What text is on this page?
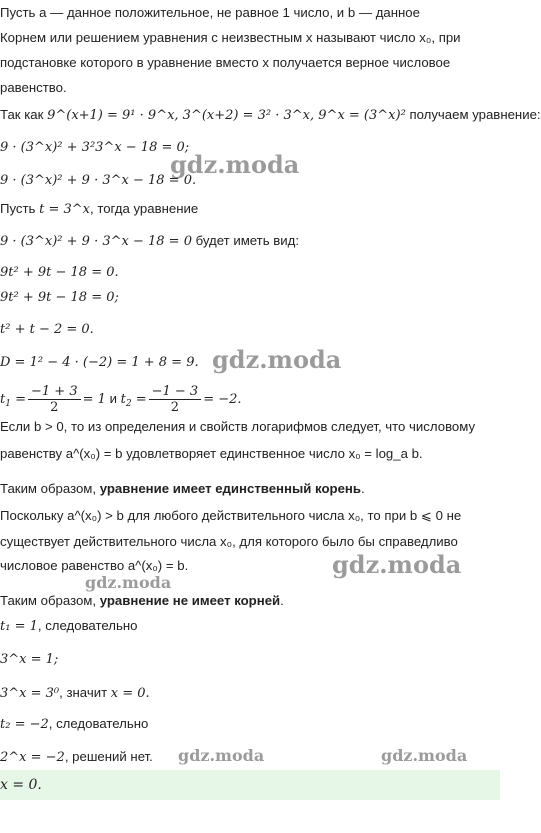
gdz.moda
gdz.moda
gdz.moda
gdz.moda
gdz.moda	gdz.moda
Пусть a — данное положительное, не равное 1 число, и b — данное
Корнем или решением уравнения с неизвестным x называют число x₀, при
подстановке которого в уравнение вместо x получается верное числовое
равенство.
Так как 9^(x+1) = 9¹ · 9^x, 3^(x+2) = 3² · 3^x, 9^x = (3^x)² получаем уравнение:
9 · (3^x)² + 3²3^x − 18 = 0;
9 · (3^x)² + 9 · 3^x − 18 = 0.
Пусть t = 3^x, тогда уравнение
9 · (3^x)² + 9 · 3^x − 18 = 0 будет иметь вид:
9t² + 9t − 18 = 0.
9t² + 9t − 18 = 0;
t² + t − 2 = 0.
D = 1² − 4 · (−2) = 1 + 8 = 9.
$t_1 = \frac{-1 + 3}{2} = 1$ и $t_2 = \frac{-1 - 3}{2} = -2$.
Если b > 0, то из определения и свойств логарифмов следует, что числовому
равенству a^(x₀) = b удовлетворяет единственное число x₀ = log_a b.
Таким образом, уравнение имеет единственный корень.
Поскольку a^(x₀) > b для любого действительного числа x₀, то при b ⩽ 0 не
существует действительного числа x₀, для которого было бы справедливо
числовое равенство a^(x₀) = b.
Таким образом, уравнение не имеет корней.
t₁ = 1, следовательно
3^x = 1;
3^x = 3⁰, значит x = 0.
t₂ = −2, следовательно
2^x = −2, решений нет.
x = 0.
